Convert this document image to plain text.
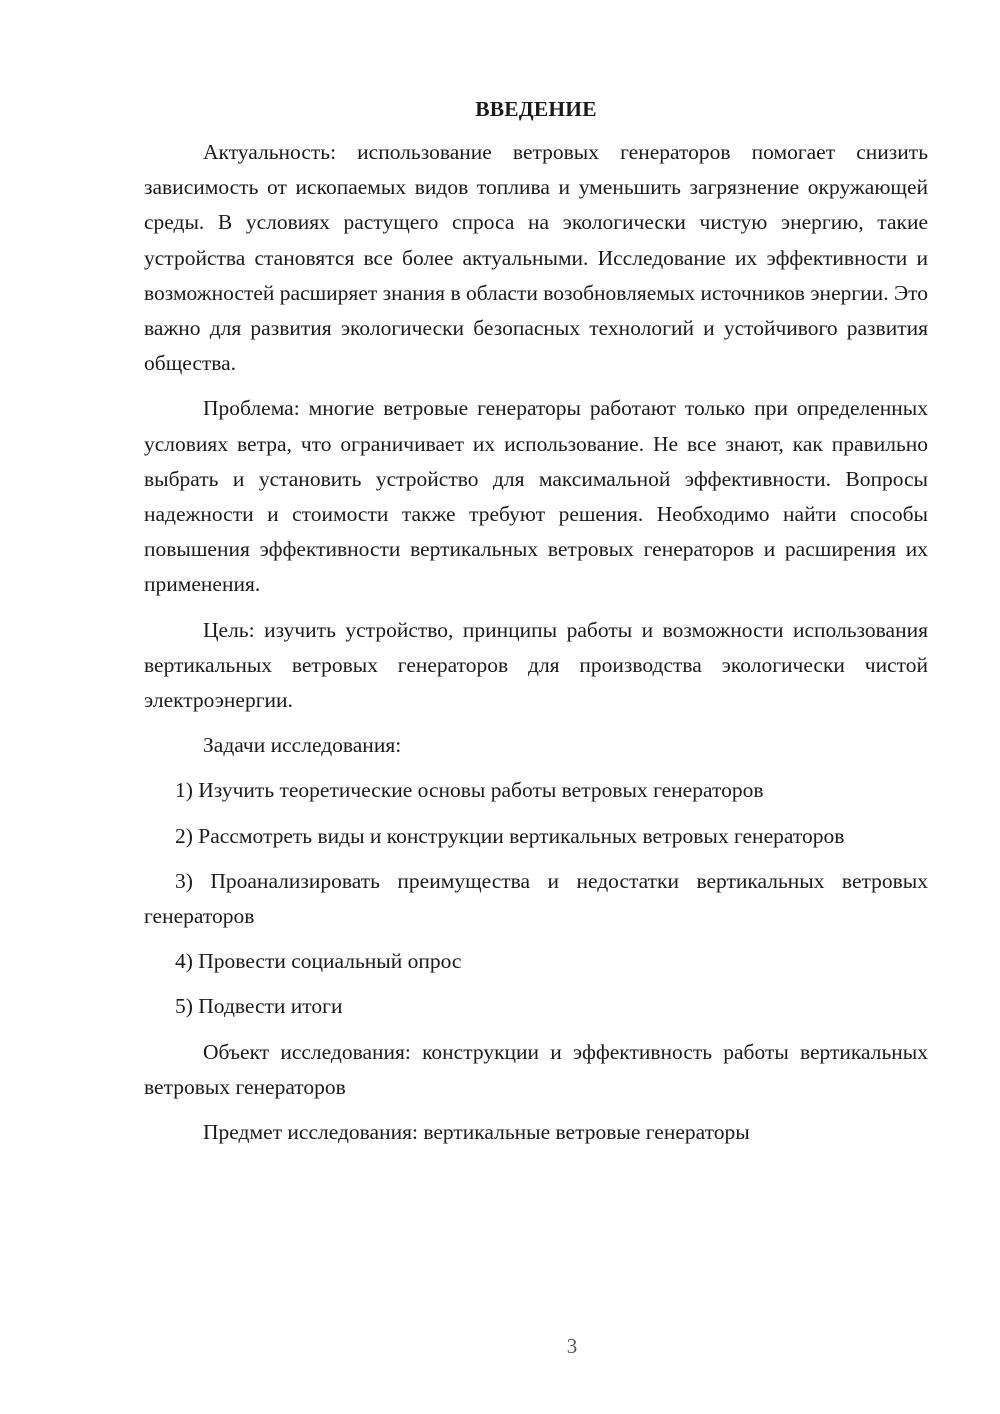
ВВЕДЕНИЕ

Актуальность: использование ветровых генераторов помогает снизить зависимость от ископаемых видов топлива и уменьшить загрязнение окружающей среды. В условиях растущего спроса на экологически чистую энергию, такие устройства становятся все более актуальными. Исследование их эффективности и возможностей расширяет знания в области возобновляемых источников энергии. Это важно для развития экологически безопасных технологий и устойчивого развития общества.

Проблема: многие ветровые генераторы работают только при определенных условиях ветра, что ограничивает их использование. Не все знают, как правильно выбрать и установить устройство для максимальной эффективности. Вопросы надежности и стоимости также требуют решения. Необходимо найти способы повышения эффективности вертикальных ветровых генераторов и расширения их применения.

Цель: изучить устройство, принципы работы и возможности использования вертикальных ветровых генераторов для производства экологически чистой электроэнергии.

Задачи исследования:

1) Изучить теоретические основы работы ветровых генераторов

2) Рассмотреть виды и конструкции вертикальных ветровых генераторов

3) Проанализировать преимущества и недостатки вертикальных ветровых генераторов

4) Провести социальный опрос

5) Подвести итоги

Объект исследования: конструкции и эффективность работы вертикальных ветровых генераторов

Предмет исследования: вертикальные ветровые генераторы

3
